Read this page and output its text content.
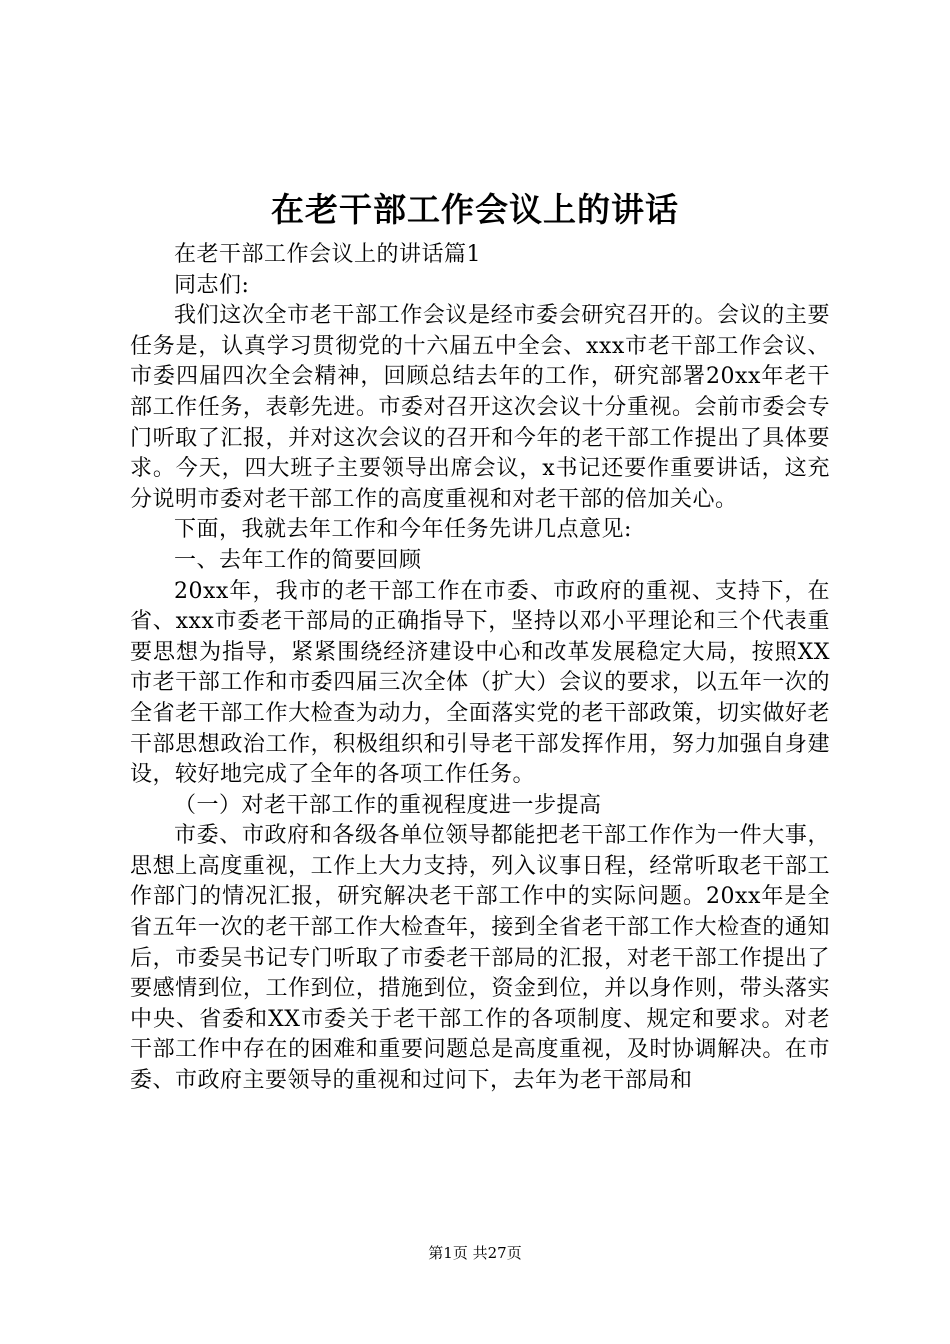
在老干部工作会议上的讲话

在老干部工作会议上的讲话篇1

同志们:

我们这次全市老干部工作会议是经市委会研究召开的。会议的主要任务是，认真学习贯彻党的十六届五中全会、xxx市老干部工作会议、市委四届四次全会精神，回顾总结去年的工作，研究部署20xx年老干部工作任务，表彰先进。市委对召开这次会议十分重视。会前市委会专门听取了汇报，并对这次会议的召开和今年的老干部工作提出了具体要求。今天，四大班子主要领导出席会议，x书记还要作重要讲话，这充分说明市委对老干部工作的高度重视和对老干部的倍加关心。

下面，我就去年工作和今年任务先讲几点意见:

一、去年工作的简要回顾

20xx年，我市的老干部工作在市委、市政府的重视、支持下，在省、xxx市委老干部局的正确指导下，坚持以邓小平理论和三个代表重要思想为指导，紧紧围绕经济建设中心和改革发展稳定大局，按照XX市老干部工作和市委四届三次全体（扩大）会议的要求，以五年一次的全省老干部工作大检查为动力，全面落实党的老干部政策，切实做好老干部思想政治工作，积极组织和引导老干部发挥作用，努力加强自身建设，较好地完成了全年的各项工作任务。

（一）对老干部工作的重视程度进一步提高

市委、市政府和各级各单位领导都能把老干部工作作为一件大事，思想上高度重视，工作上大力支持，列入议事日程，经常听取老干部工作部门的情况汇报，研究解决老干部工作中的实际问题。20xx年是全省五年一次的老干部工作大检查年，接到全省老干部工作大检查的通知后，市委吴书记专门听取了市委老干部局的汇报，对老干部工作提出了要感情到位，工作到位，措施到位，资金到位，并以身作则，带头落实中央、省委和XX市委关于老干部工作的各项制度、规定和要求。对老干部工作中存在的困难和重要问题总是高度重视，及时协调解决。在市委、市政府主要领导的重视和过问下，去年为老干部局和

第1页 共27页
